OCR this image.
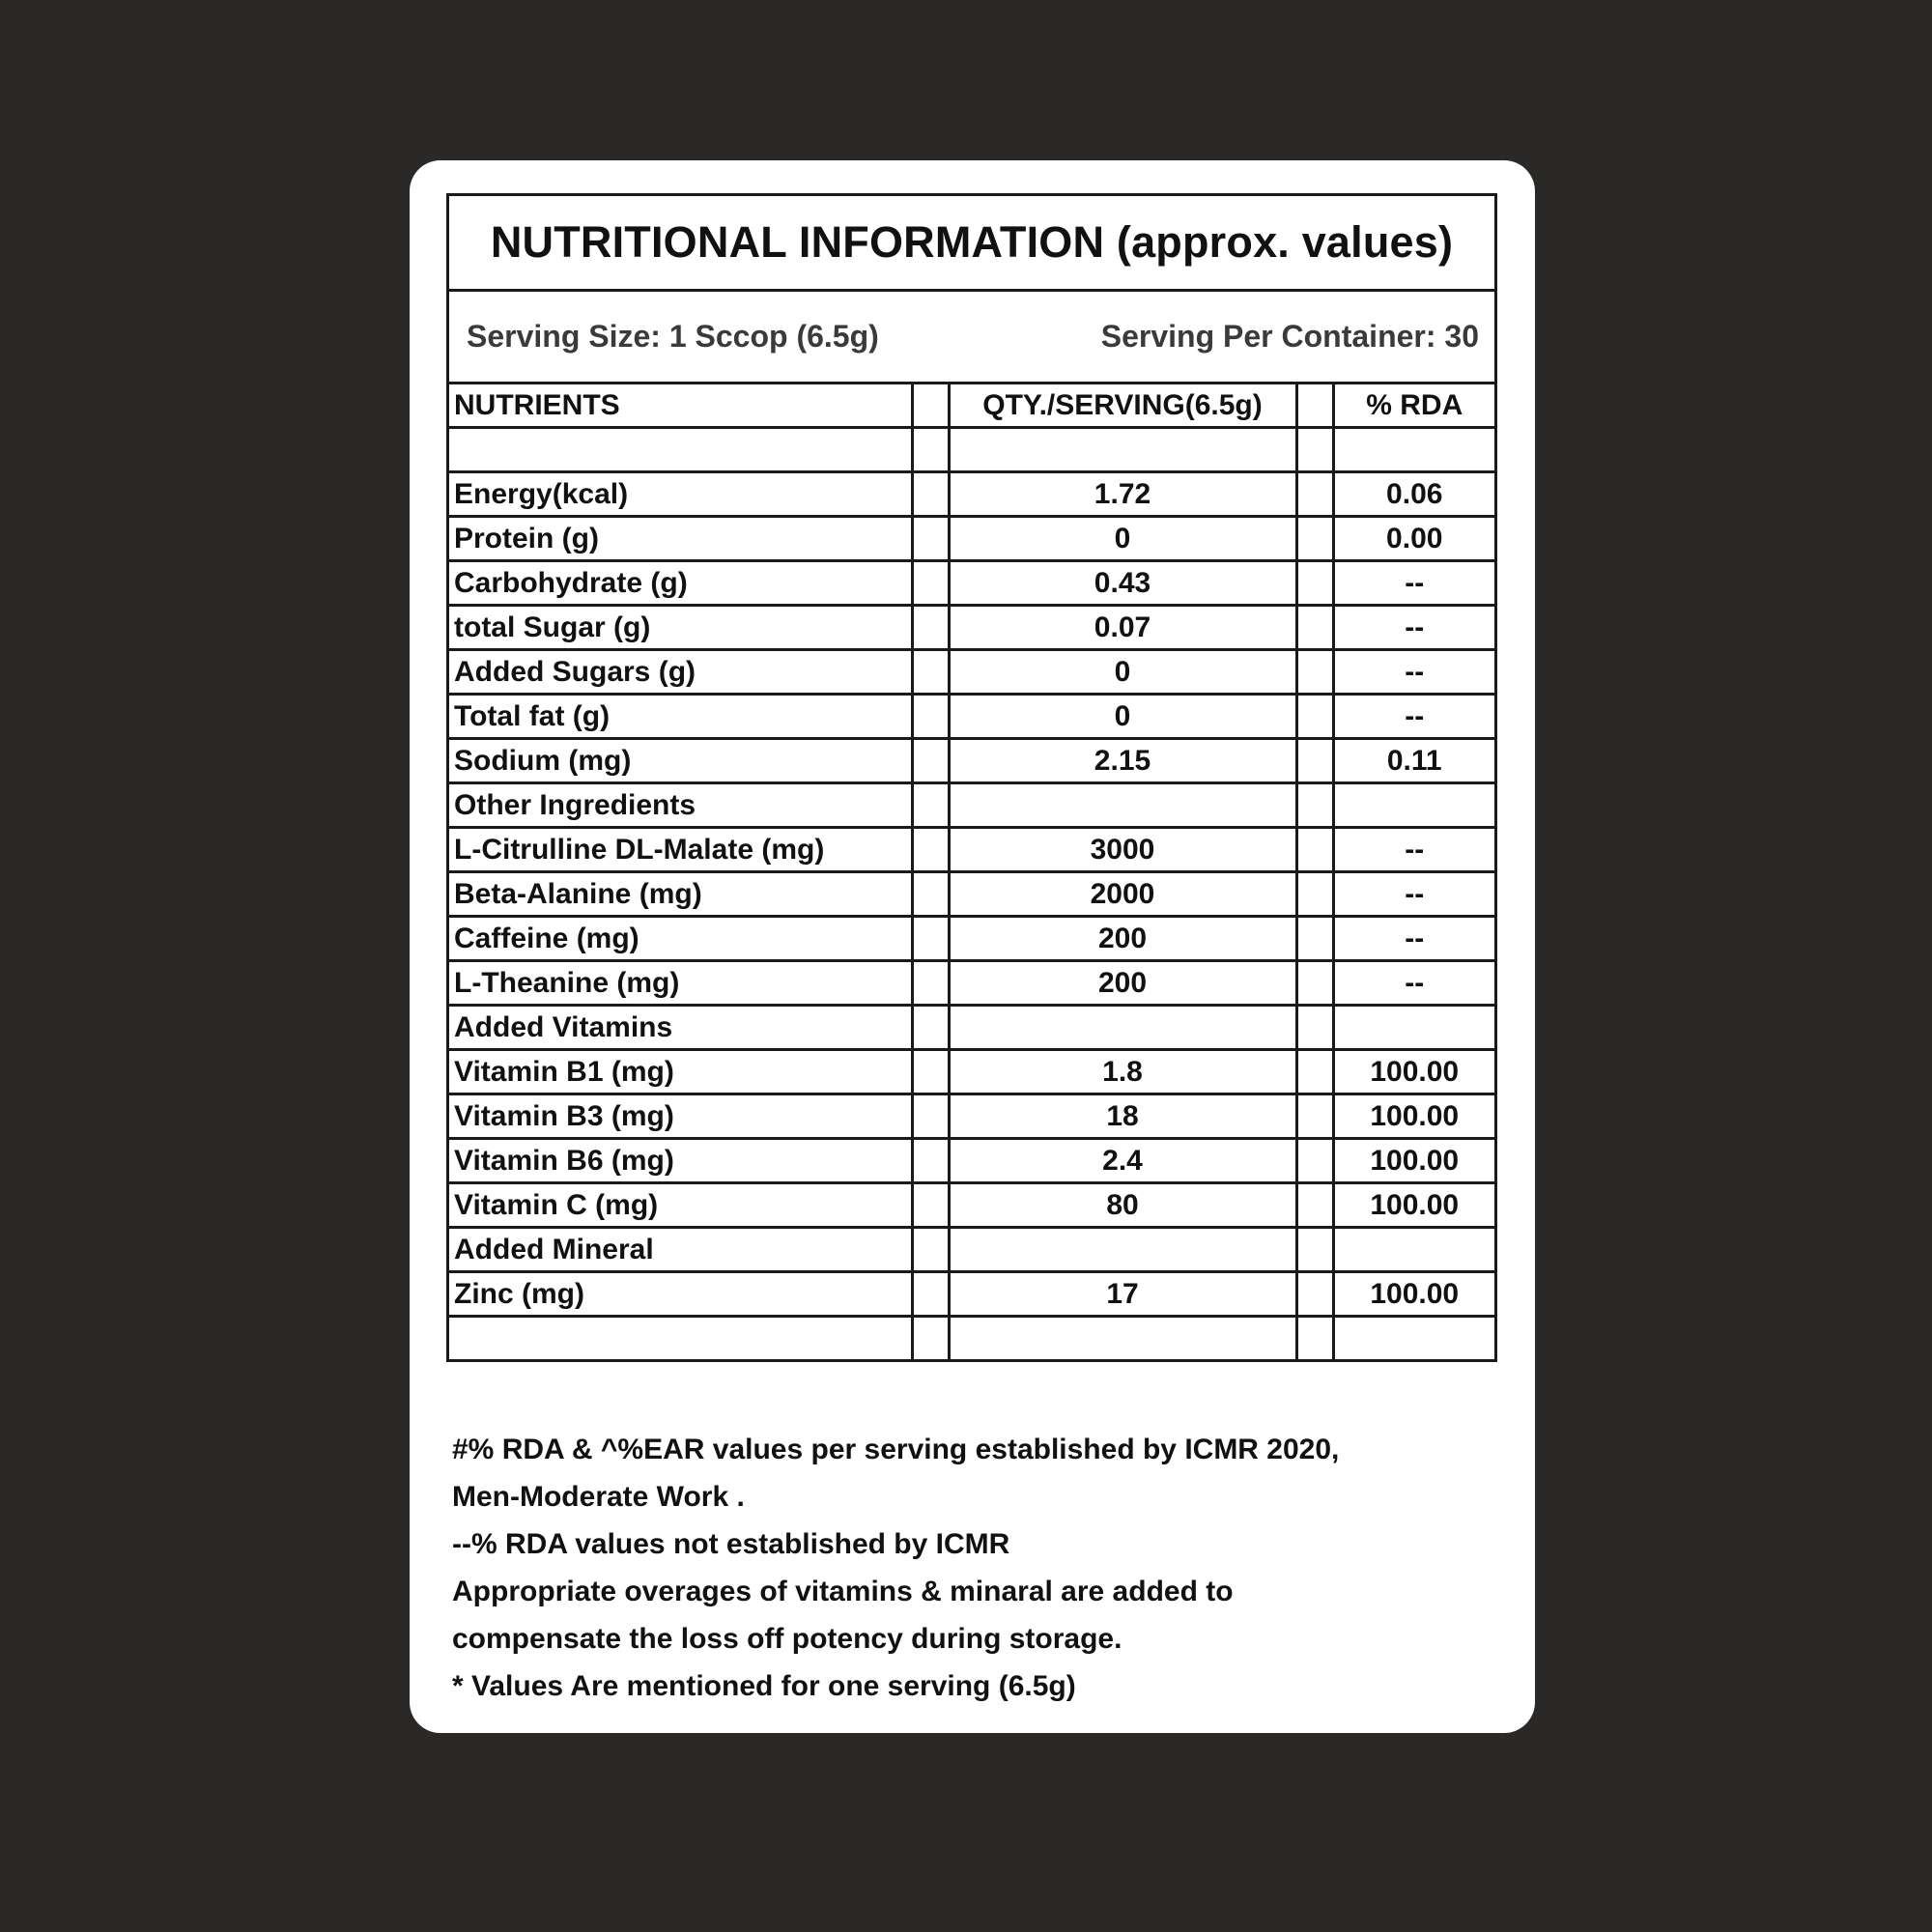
NUTRITIONAL INFORMATION (approx. values)
Serving Size: 1 Sccop (6.5g)	Serving Per Container: 30
NUTRIENTS		QTY./SERVING(6.5g)		% RDA

Energy(kcal)		1.72		0.06
Protein (g)		0		0.00
Carbohydrate (g)		0.43		--
total Sugar (g)		0.07		--
Added Sugars (g)		0		--
Total fat (g)		0		--
Sodium (mg)		2.15		0.11
Other Ingredients				
L-Citrulline DL-Malate (mg)		3000		--
Beta-Alanine (mg)		2000		--
Caffeine (mg)		200		--
L-Theanine (mg)		200		--
Added Vitamins				
Vitamin B1 (mg)		1.8		100.00
Vitamin B3 (mg)		18		100.00
Vitamin B6 (mg)		2.4		100.00
Vitamin C (mg)		80		100.00
Added Mineral				
Zinc (mg)		17		100.00

#% RDA & ^%EAR values per serving established by ICMR 2020,
Men-Moderate Work .
--% RDA values not established by ICMR
Appropriate overages of vitamins & minaral are added to
compensate the loss off potency during storage.
* Values Are mentioned for one serving (6.5g)
